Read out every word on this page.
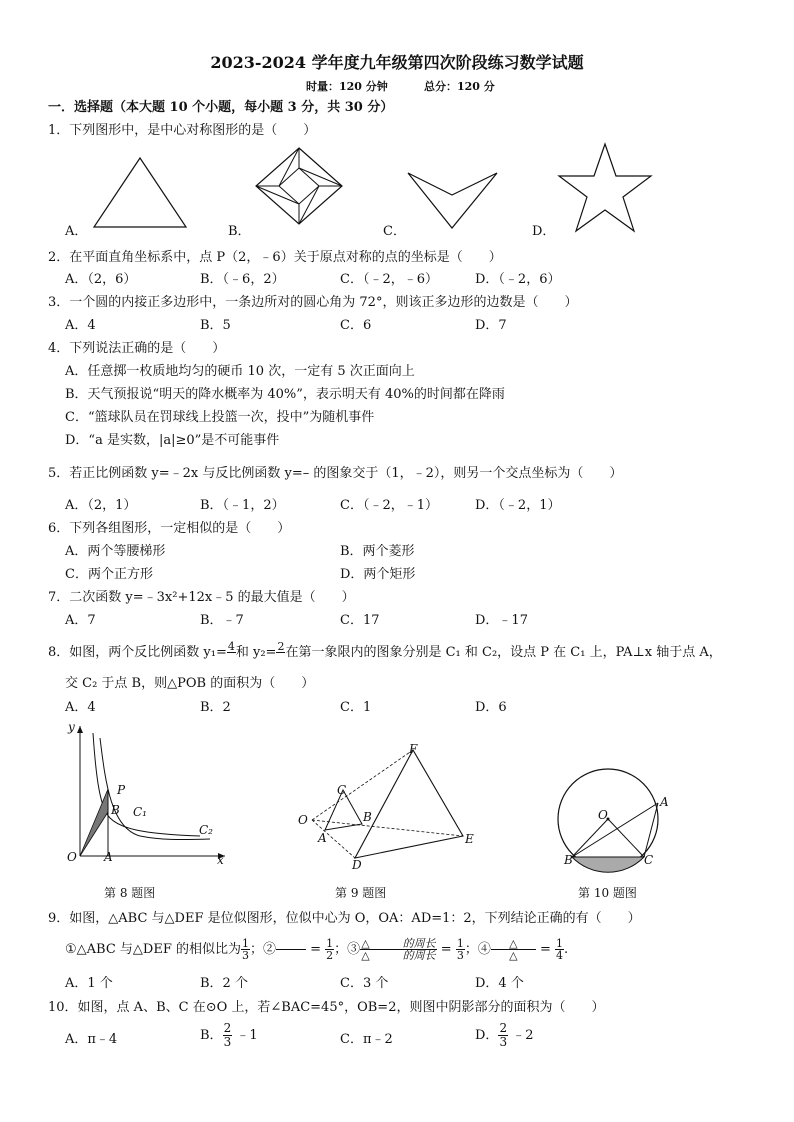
2023-2024 学年度九年级第四次阶段练习数学试题
时量：120 分钟	总分：120 分
一．选择题（本大题 10 个小题，每小题 3 分，共 30 分）
1．下列图形中，是中心对称图形的是（　　）
A．	B．	C．	D．
2．在平面直角坐标系中，点 P（2，﹣6）关于原点对称的点的坐标是（　　）
A．（2，6）	B．（﹣6，2）	C．（﹣2，﹣6）	D．（﹣2，6）
3．一个圆的内接正多边形中，一条边所对的圆心角为 72°，则该正多边形的边数是（　　）
A．4	B．5	C．6	D．7
4．下列说法正确的是（　　）
A．任意掷一枚质地均匀的硬币 10 次，一定有 5 次正面向上
B．天气预报说“明天的降水概率为 40%”，表示明天有 40%的时间都在降雨
C．“篮球队员在罚球线上投篮一次，投中”为随机事件
D．“a 是实数，|a|≥0”是不可能事件
5．若正比例函数 y=﹣2x 与反比例函数 y=– 的图象交于（1，﹣2），则另一个交点坐标为（　　）
A．（2，1）	B．（﹣1，2）	C．（﹣2，﹣1）	D．（﹣2，1）
6．下列各组图形，一定相似的是（　　）
A．两个等腰梯形	B．两个菱形
C．两个正方形	D．两个矩形
7．二次函数 y=﹣3x²+12x﹣5 的最大值是（　　）
A．7	B．﹣7	C．17	D．﹣17
8．如图，两个反比例函数 y₁= 4
和 y₂= 2
在第一象限内的图象分别是 C₁ 和 C₂，设点 P 在 C₁ 上，PA⊥x 轴于点 A，
交 C₂ 于点 B，则△POB 的面积为（　　）
A．4	B．2	C．1	D．6
y
x
O A
B
P
C₁
C₂
第 8 题图
F
C
O	B
A	E
D
第 9 题图
O
A
B	C
第 10 题图
9．如图，△ABC 与△DEF 是位似图形，位似中心为 O，OA：AD=1：2，下列结论正确的有（　　）
①△ABC 与△DEF 的相似比为 $\frac{1}{3}$ ；② = $\frac{1}{2}$ ；③ $\frac{\text{△　　　的周长}}{\text{△　　　的周长}} = \frac{1}{3}$ ；④ $\frac{\triangle}{\triangle} = \frac{1}{4}$ .
A．1 个	B．2 个	C．3 个	D．4 个
10．如图，点 A、B、C 在⊙O 上，若∠BAC=45°，OB=2，则图中阴影部分的面积为（　　）
A．π﹣4	B． $\frac{2}{3}$ ﹣1	C．π﹣2	D． $\frac{2}{3}$ ﹣2
